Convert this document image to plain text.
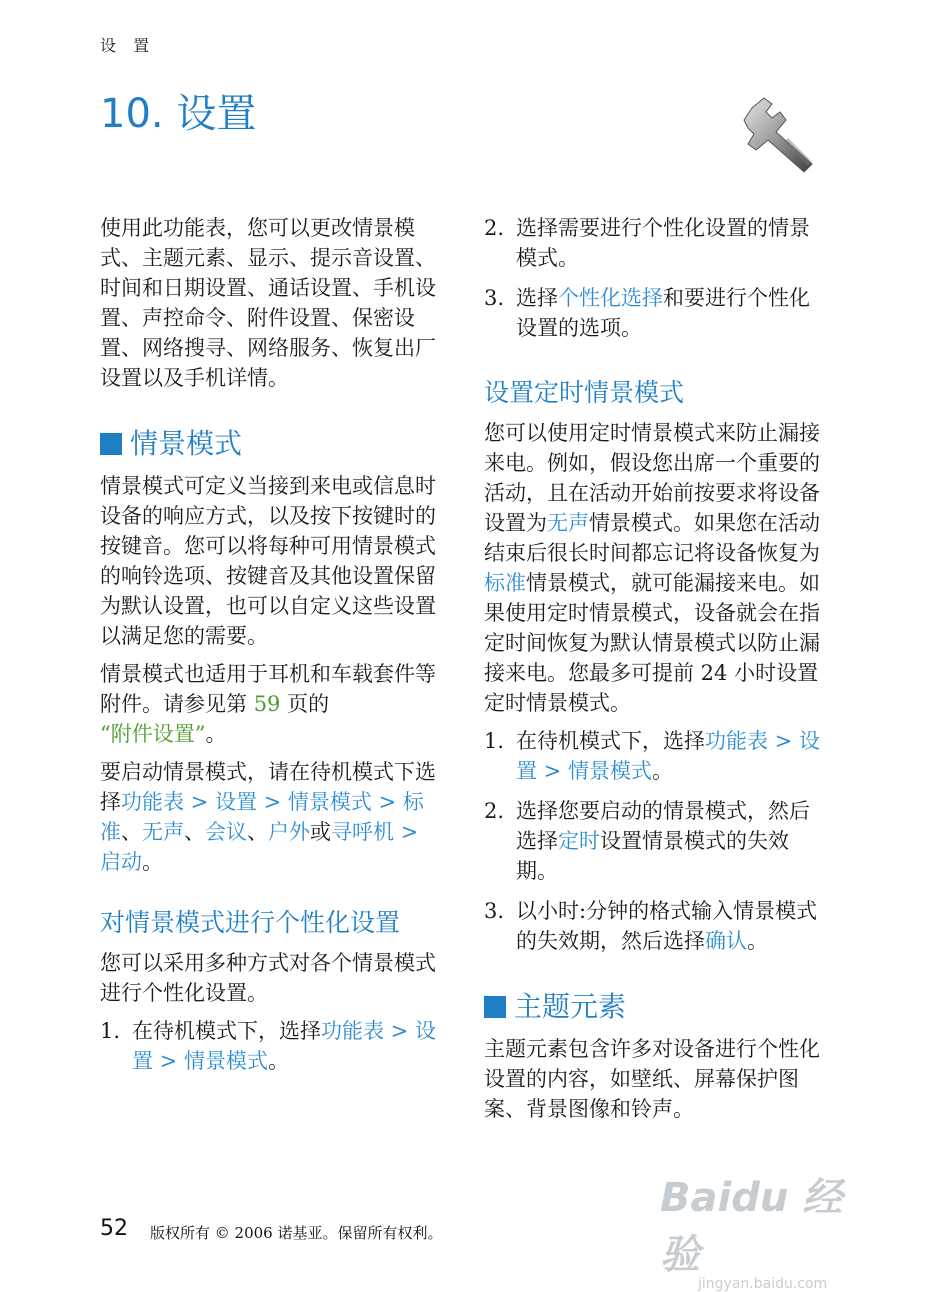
设 置
10. 设置

使用此功能表，您可以更改情景模式、主题元素、显示、提示音设置、时间和日期设置、通话设置、手机设置、声控命令、附件设置、保密设置、网络搜寻、网络服务、恢复出厂设置以及手机详情。

情景模式

情景模式可定义当接到来电或信息时设备的响应方式，以及按下按键时的按键音。您可以将每种可用情景模式的响铃选项、按键音及其他设置保留为默认设置，也可以自定义这些设置以满足您的需要。

情景模式也适用于耳机和车载套件等附件。请参见第 59 页的
“附件设置”。

要启动情景模式，请在待机模式下选择功能表 > 设置 > 情景模式 > 标准、无声、会议、户外或寻呼机 > 启动。

对情景模式进行个性化设置

您可以采用多种方式对各个情景模式进行个性化设置。

1. 在待机模式下，选择功能表 > 设置 > 情景模式。
2. 选择需要进行个性化设置的情景模式。
3. 选择个性化选择和要进行个性化设置的选项。
设置定时情景模式

您可以使用定时情景模式来防止漏接来电。例如，假设您出席一个重要的活动，且在活动开始前按要求将设备设置为无声情景模式。如果您在活动结束后很长时间都忘记将设备恢复为标准情景模式，就可能漏接来电。如果使用定时情景模式，设备就会在指定时间恢复为默认情景模式以防止漏接来电。您最多可提前 24 小时设置定时情景模式。

1. 在待机模式下，选择功能表 > 设置 > 情景模式。
2. 选择您要启动的情景模式，然后选择定时设置情景模式的失效期。
3. 以小时:分钟的格式输入情景模式的失效期，然后选择确认。
主题元素

主题元素包含许多对设备进行个性化设置的内容，如壁纸、屏幕保护图案、背景图像和铃声。

52 版权所有 © 2006 诺基亚。保留所有权利。
Baidu 经验
jingyan.baidu.com
